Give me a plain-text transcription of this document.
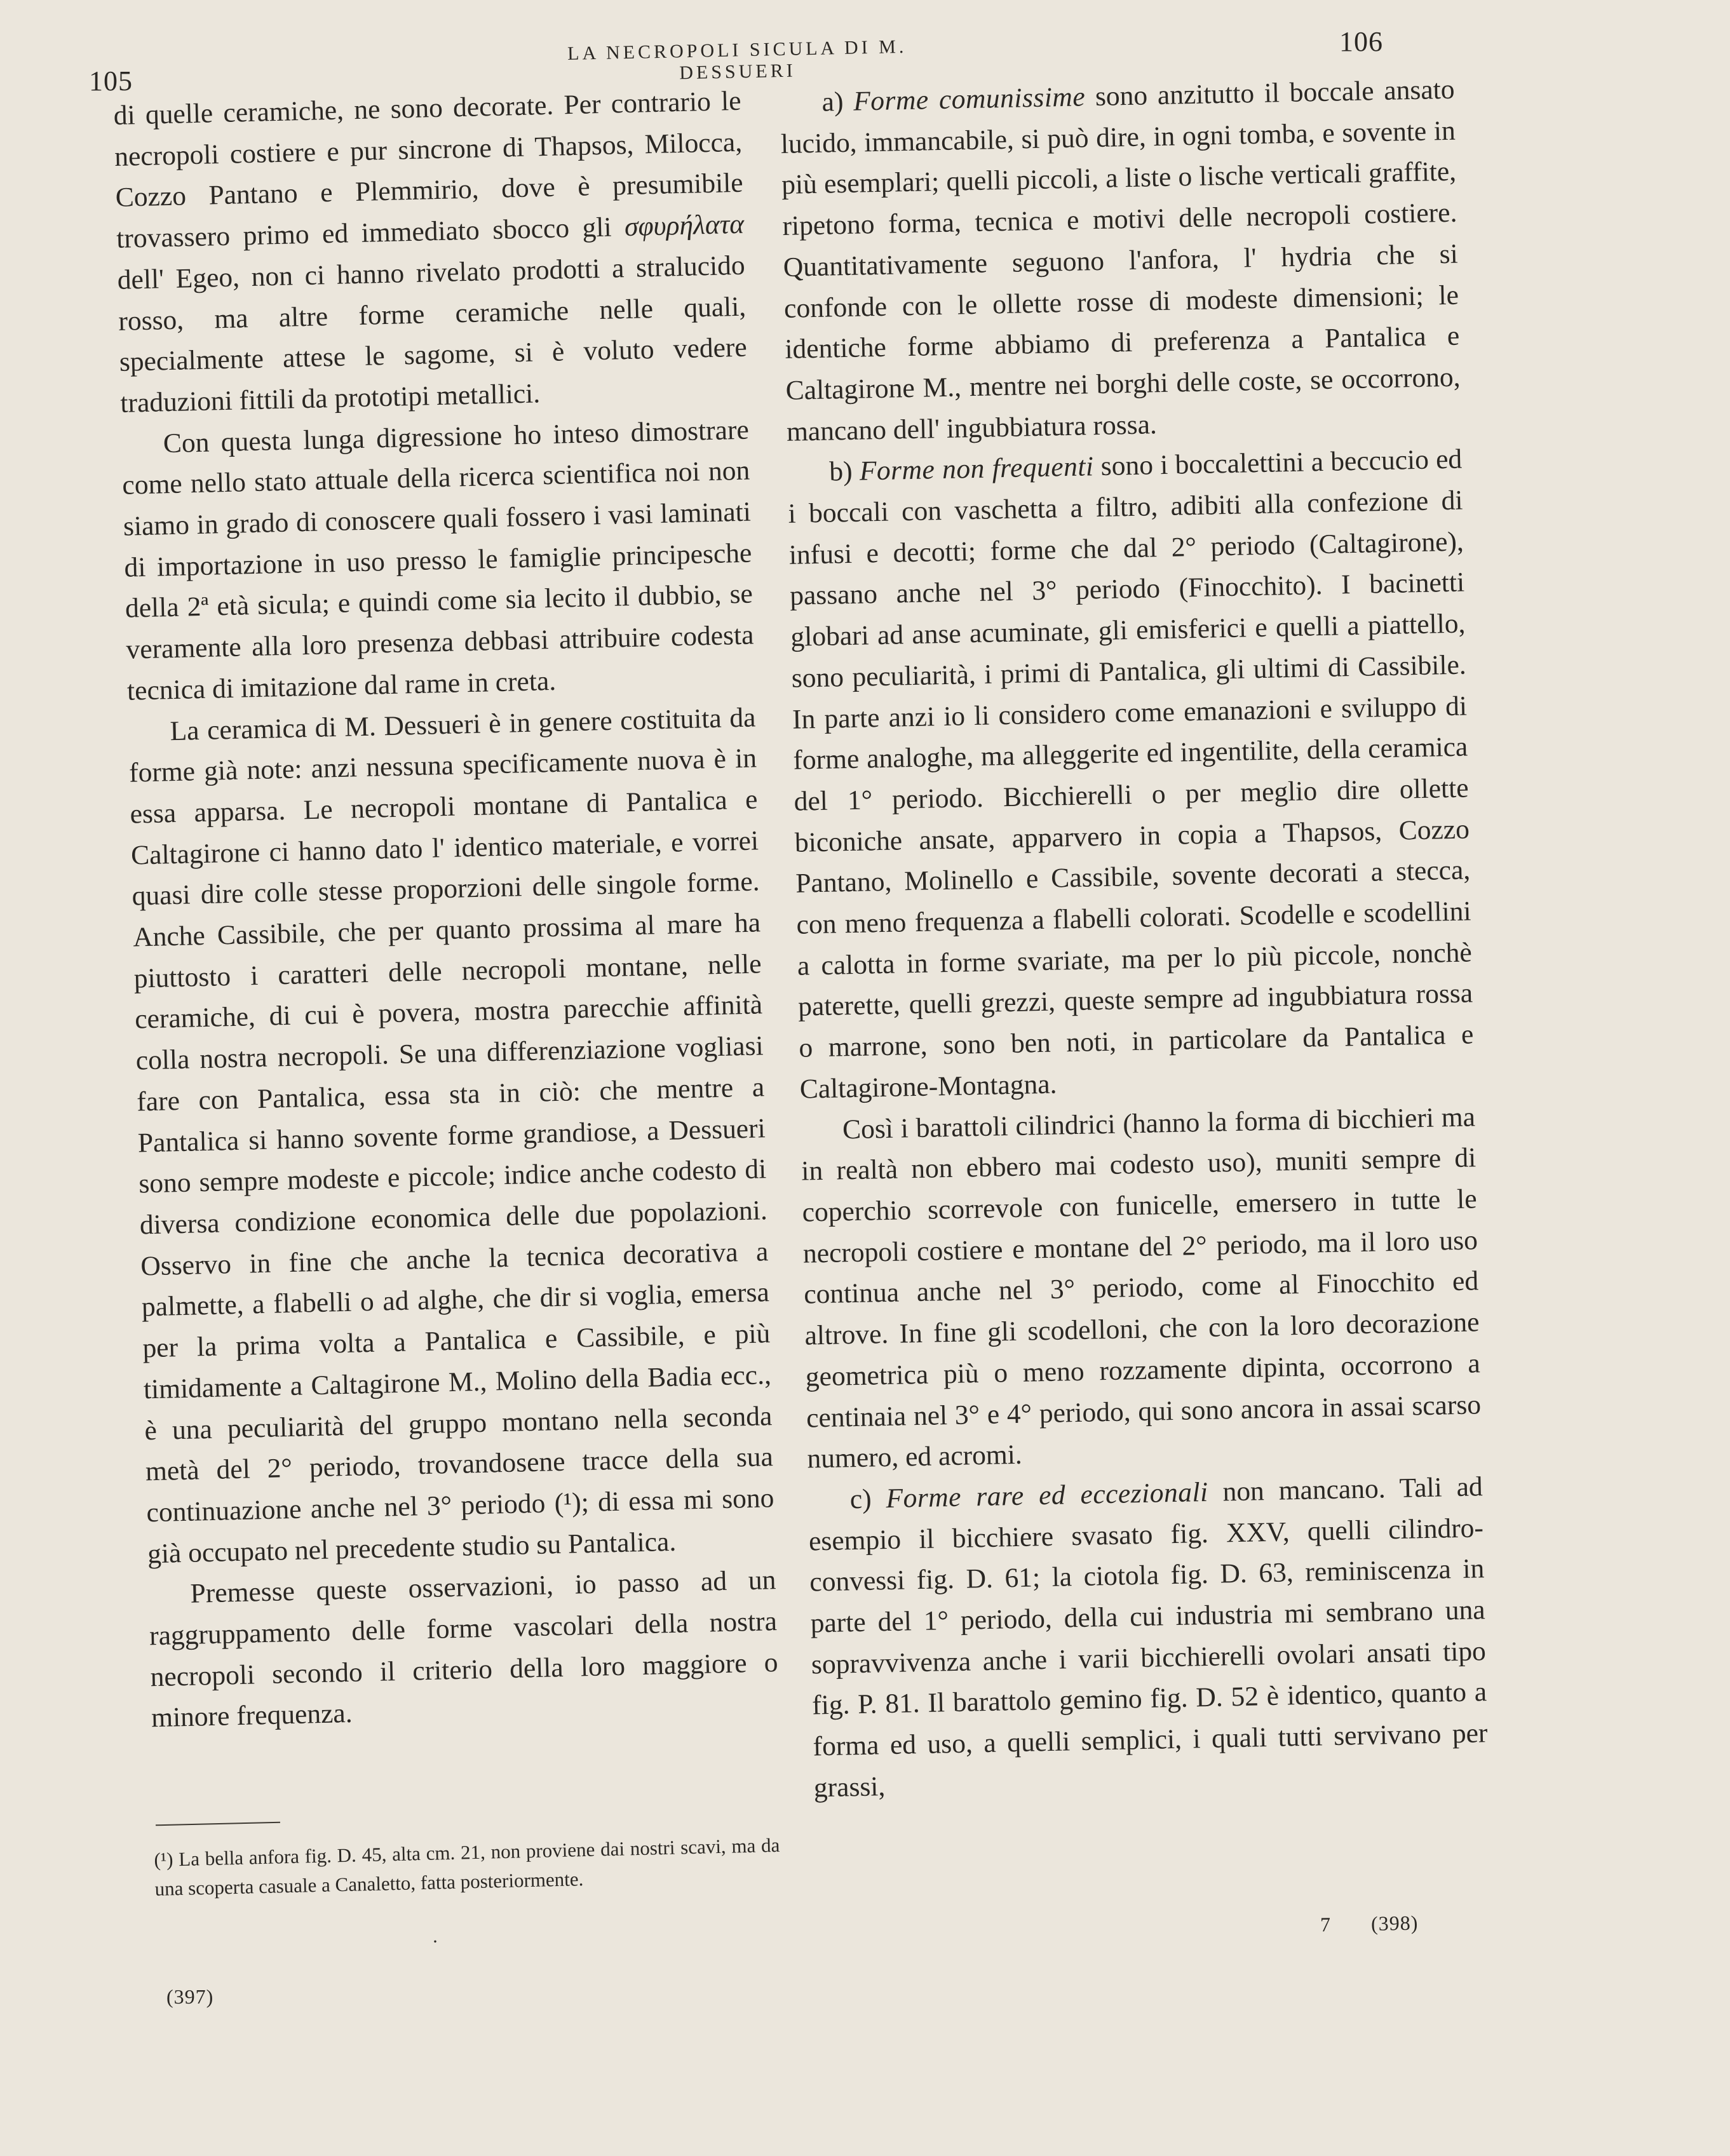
105
LA NECROPOLI SICULA DI M. DESSUERI
106

di quelle ceramiche, ne sono decorate. Per contrario le necropoli costiere e pur sincrone di Thapsos, Milocca, Cozzo Pantano e Plemmirio, dove è presumibile trovassero primo ed immediato sbocco gli σφυρήλατα dell' Egeo, non ci hanno rivelato prodotti a stralucido rosso, ma altre forme ceramiche nelle quali, specialmente attese le sagome, si è voluto vedere traduzioni fittili da prototipi metallici.

Con questa lunga digressione ho inteso dimostrare come nello stato attuale della ricerca scientifica noi non siamo in grado di conoscere quali fossero i vasi laminati di importazione in uso presso le famiglie principesche della 2ª età sicula; e quindi come sia lecito il dubbio, se veramente alla loro presenza debbasi attribuire codesta tecnica di imitazione dal rame in creta.

La ceramica di M. Dessueri è in genere costituita da forme già note: anzi nessuna specificamente nuova è in essa apparsa. Le necropoli montane di Pantalica e Caltagirone ci hanno dato l' identico materiale, e vorrei quasi dire colle stesse proporzioni delle singole forme. Anche Cassibile, che per quanto prossima al mare ha piuttosto i caratteri delle necropoli montane, nelle ceramiche, di cui è povera, mostra parecchie affinità colla nostra necropoli. Se una differenziazione vogliasi fare con Pantalica, essa sta in ciò: che mentre a Pantalica si hanno sovente forme grandiose, a Dessueri sono sempre modeste e piccole; indice anche codesto di diversa condizione economica delle due popolazioni. Osservo in fine che anche la tecnica decorativa a palmette, a flabelli o ad alghe, che dir si voglia, emersa per la prima volta a Pantalica e Cassibile, e più timidamente a Caltagirone M., Molino della Badia ecc., è una peculiarità del gruppo montano nella seconda metà del 2° periodo, trovandosene tracce della sua continuazione anche nel 3° periodo (¹); di essa mi sono già occupato nel precedente studio su Pantalica.

Premesse queste osservazioni, io passo ad un raggruppamento delle forme vascolari della nostra necropoli secondo il criterio della loro maggiore o minore frequenza.

(¹) La bella anfora fig. D. 45, alta cm. 21, non proviene dai nostri scavi, ma da una scoperta casuale a Canaletto, fatta posteriormente.
·
(397)

a) Forme comunissime sono anzitutto il boccale ansato lucido, immancabile, si può dire, in ogni tomba, e sovente in più esemplari; quelli piccoli, a liste o lische verticali graffite, ripetono forma, tecnica e motivi delle necropoli costiere. Quantitativamente seguono l'anfora, l' hydria che si confonde con le ollette rosse di modeste dimensioni; le identiche forme abbiamo di preferenza a Pantalica e Caltagirone M., mentre nei borghi delle coste, se occorrono, mancano dell' ingubbiatura rossa.

b) Forme non frequenti sono i boccalettini a beccucio ed i boccali con vaschetta a filtro, adibiti alla confezione di infusi e decotti; forme che dal 2° periodo (Caltagirone), passano anche nel 3° periodo (Finocchito). I bacinetti globari ad anse acuminate, gli emisferici e quelli a piattello, sono peculiarità, i primi di Pantalica, gli ultimi di Cassibile. In parte anzi io li considero come emanazioni e sviluppo di forme analoghe, ma alleggerite ed ingentilite, della ceramica del 1° periodo. Bicchierelli o per meglio dire ollette biconiche ansate, apparvero in copia a Thapsos, Cozzo Pantano, Molinello e Cassibile, sovente decorati a stecca, con meno frequenza a flabelli colorati. Scodelle e scodellini a calotta in forme svariate, ma per lo più piccole, nonchè paterette, quelli grezzi, queste sempre ad ingubbiatura rossa o marrone, sono ben noti, in particolare da Pantalica e Caltagirone-Montagna.

Così i barattoli cilindrici (hanno la forma di bicchieri ma in realtà non ebbero mai codesto uso), muniti sempre di coperchio scorrevole con funicelle, emersero in tutte le necropoli costiere e montane del 2° periodo, ma il loro uso continua anche nel 3° periodo, come al Finocchito ed altrove. In fine gli scodelloni, che con la loro decorazione geometrica più o meno rozzamente dipinta, occorrono a centinaia nel 3° e 4° periodo, qui sono ancora in assai scarso numero, ed acromi.

c) Forme rare ed eccezionali non mancano. Tali ad esempio il bicchiere svasato fig. XXV, quelli cilindro-convessi fig. D. 61; la ciotola fig. D. 63, reminiscenza in parte del 1° periodo, della cui industria mi sembrano una sopravvivenza anche i varii bicchierelli ovolari ansati tipo fig. P. 81. Il barattolo gemino fig. D. 52 è identico, quanto a forma ed uso, a quelli semplici, i quali tutti servivano per grassi,

7 (398)
